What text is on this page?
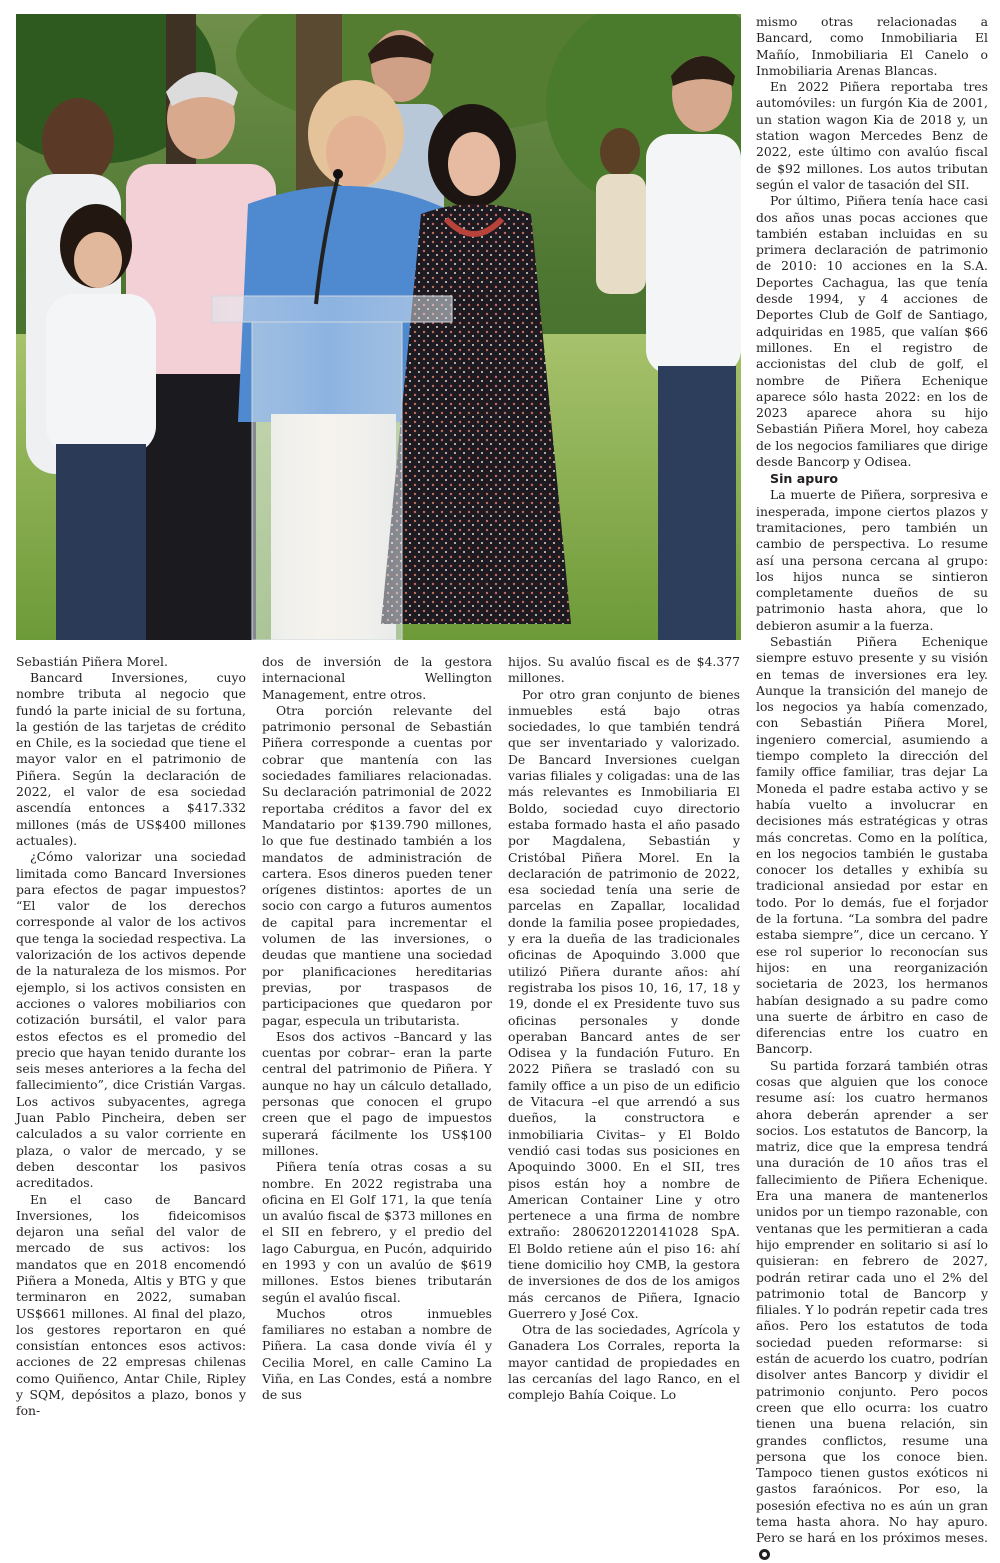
Sebastián Piñera Morel.

Bancard Inversiones, cuyo nombre tributa al negocio que fundó la parte inicial de su fortuna, la gestión de las tarjetas de crédito en Chile, es la sociedad que tiene el mayor valor en el patrimonio de Piñera. Según la declaración de 2022, el valor de esa sociedad ascendía entonces a $417.332 millones (más de US$400 millones actuales).

¿Cómo valorizar una sociedad limitada como Bancard Inversiones para efectos de pagar impuestos? “El valor de los derechos corresponde al valor de los activos que tenga la sociedad respectiva. La valorización de los activos depende de la naturaleza de los mismos. Por ejemplo, si los activos consisten en acciones o valores mobiliarios con cotización bursátil, el valor para estos efectos es el promedio del precio que hayan tenido durante los seis meses anteriores a la fecha del fallecimiento”, dice Cristián Vargas. Los activos subyacentes, agrega Juan Pablo Pincheira, deben ser calculados a su valor corriente en plaza, o valor de mercado, y se deben descontar los pasivos acreditados.

En el caso de Bancard Inversiones, los fideicomisos dejaron una señal del valor de mercado de sus activos: los mandatos que en 2018 encomendó Piñera a Moneda, Altis y BTG y que terminaron en 2022, sumaban US$661 millones. Al final del plazo, los gestores reportaron en qué consistían entonces esos activos: acciones de 22 empresas chilenas como Quiñenco, Antar Chile, Ripley y SQM, depósitos a plazo, bonos y fon-

dos de inversión de la gestora internacional Wellington Management, entre otros.

Otra porción relevante del patrimonio personal de Sebastián Piñera corresponde a cuentas por cobrar que mantenía con las sociedades familiares relacionadas. Su declaración patrimonial de 2022 reportaba créditos a favor del ex Mandatario por $139.790 millones, lo que fue destinado también a los mandatos de administración de cartera. Esos dineros pueden tener orígenes distintos: aportes de un socio con cargo a futuros aumentos de capital para incrementar el volumen de las inversiones, o deudas que mantiene una sociedad por planificaciones hereditarias previas, por traspasos de participaciones que quedaron por pagar, especula un tributarista.

Esos dos activos –Bancard y las cuentas por cobrar– eran la parte central del patrimonio de Piñera. Y aunque no hay un cálculo detallado, personas que conocen el grupo creen que el pago de impuestos superará fácilmente los US$100 millones.

Piñera tenía otras cosas a su nombre. En 2022 registraba una oficina en El Golf 171, la que tenía un avalúo fiscal de $373 millones en el SII en febrero, y el predio del lago Caburgua, en Pucón, adquirido en 1993 y con un avalúo de $619 millones. Estos bienes tributarán según el avalúo fiscal.

Muchos otros inmuebles familiares no estaban a nombre de Piñera. La casa donde vivía él y Cecilia Morel, en calle Camino La Viña, en Las Condes, está a nombre de sus

hijos. Su avalúo fiscal es de $4.377 millones.

Por otro gran conjunto de bienes inmuebles está bajo otras sociedades, lo que también tendrá que ser inventariado y valorizado. De Bancard Inversiones cuelgan varias filiales y coligadas: una de las más relevantes es Inmobiliaria El Boldo, sociedad cuyo directorio estaba formado hasta el año pasado por Magdalena, Sebastián y Cristóbal Piñera Morel. En la declaración de patrimonio de 2022, esa sociedad tenía una serie de parcelas en Zapallar, localidad donde la familia posee propiedades, y era la dueña de las tradicionales oficinas de Apoquindo 3.000 que utilizó Piñera durante años: ahí registraba los pisos 10, 16, 17, 18 y 19, donde el ex Presidente tuvo sus oficinas personales y donde operaban Bancard antes de ser Odisea y la fundación Futuro. En 2022 Piñera se trasladó con su family office a un piso de un edificio de Vitacura –el que arrendó a sus dueños, la constructora e inmobiliaria Civitas– y El Boldo vendió casi todas sus posiciones en Apoquindo 3000. En el SII, tres pisos están hoy a nombre de American Container Line y otro pertenece a una firma de nombre extraño: 2806201220141028 SpA. El Boldo retiene aún el piso 16: ahí tiene domicilio hoy CMB, la gestora de inversiones de dos de los amigos más cercanos de Piñera, Ignacio Guerrero y José Cox.

Otra de las sociedades, Agrícola y Ganadera Los Corrales, reporta la mayor cantidad de propiedades en las cercanías del lago Ranco, en el complejo Bahía Coique. Lo

mismo otras relacionadas a Bancard, como Inmobiliaria El Mañío, Inmobiliaria El Canelo o Inmobiliaria Arenas Blancas.

En 2022 Piñera reportaba tres automóviles: un furgón Kia de 2001, un station wagon Kia de 2018 y, un station wagon Mercedes Benz de 2022, este último con avalúo fiscal de $92 millones. Los autos tributan según el valor de tasación del SII.

Por último, Piñera tenía hace casi dos años unas pocas acciones que también estaban incluidas en su primera declaración de patrimonio de 2010: 10 acciones en la S.A. Deportes Cachagua, las que tenía desde 1994, y 4 acciones de Deportes Club de Golf de Santiago, adquiridas en 1985, que valían $66 millones. En el registro de accionistas del club de golf, el nombre de Piñera Echenique aparece sólo hasta 2022: en los de 2023 aparece ahora su hijo Sebastián Piñera Morel, hoy cabeza de los negocios familiares que dirige desde Bancorp y Odisea.

Sin apuro

La muerte de Piñera, sorpresiva e inesperada, impone ciertos plazos y tramitaciones, pero también un cambio de perspectiva. Lo resume así una persona cercana al grupo: los hijos nunca se sintieron completamente dueños de su patrimonio hasta ahora, que lo debieron asumir a la fuerza.

Sebastián Piñera Echenique siempre estuvo presente y su visión en temas de inversiones era ley. Aunque la transición del manejo de los negocios ya había comenzado, con Sebastián Piñera Morel, ingeniero comercial, asumiendo a tiempo completo la dirección del family office familiar, tras dejar La Moneda el padre estaba activo y se había vuelto a involucrar en decisiones más estratégicas y otras más concretas. Como en la política, en los negocios también le gustaba conocer los detalles y exhibía su tradicional ansiedad por estar en todo. Por lo demás, fue el forjador de la fortuna. “La sombra del padre estaba siempre”, dice un cercano. Y ese rol superior lo reconocían sus hijos: en una reorganización societaria de 2023, los hermanos habían designado a su padre como una suerte de árbitro en caso de diferencias entre los cuatro en Bancorp.

Su partida forzará también otras cosas que alguien que los conoce resume así: los cuatro hermanos ahora deberán aprender a ser socios. Los estatutos de Bancorp, la matriz, dice que la empresa tendrá una duración de 10 años tras el fallecimiento de Piñera Echenique. Era una manera de mantenerlos unidos por un tiempo razonable, con ventanas que les permitieran a cada hijo emprender en solitario si así lo quisieran: en febrero de 2027, podrán retirar cada uno el 2% del patrimonio total de Bancorp y filiales. Y lo podrán repetir cada tres años. Pero los estatutos de toda sociedad pueden reformarse: si están de acuerdo los cuatro, podrían disolver antes Bancorp y dividir el patrimonio conjunto. Pero pocos creen que ello ocurra: los cuatro tienen una buena relación, sin grandes conflictos, resume una persona que los conoce bien. Tampoco tienen gustos exóticos ni gastos faraónicos. Por eso, la posesión efectiva no es aún un gran tema hasta ahora. No hay apuro. Pero se hará en los próximos meses.
